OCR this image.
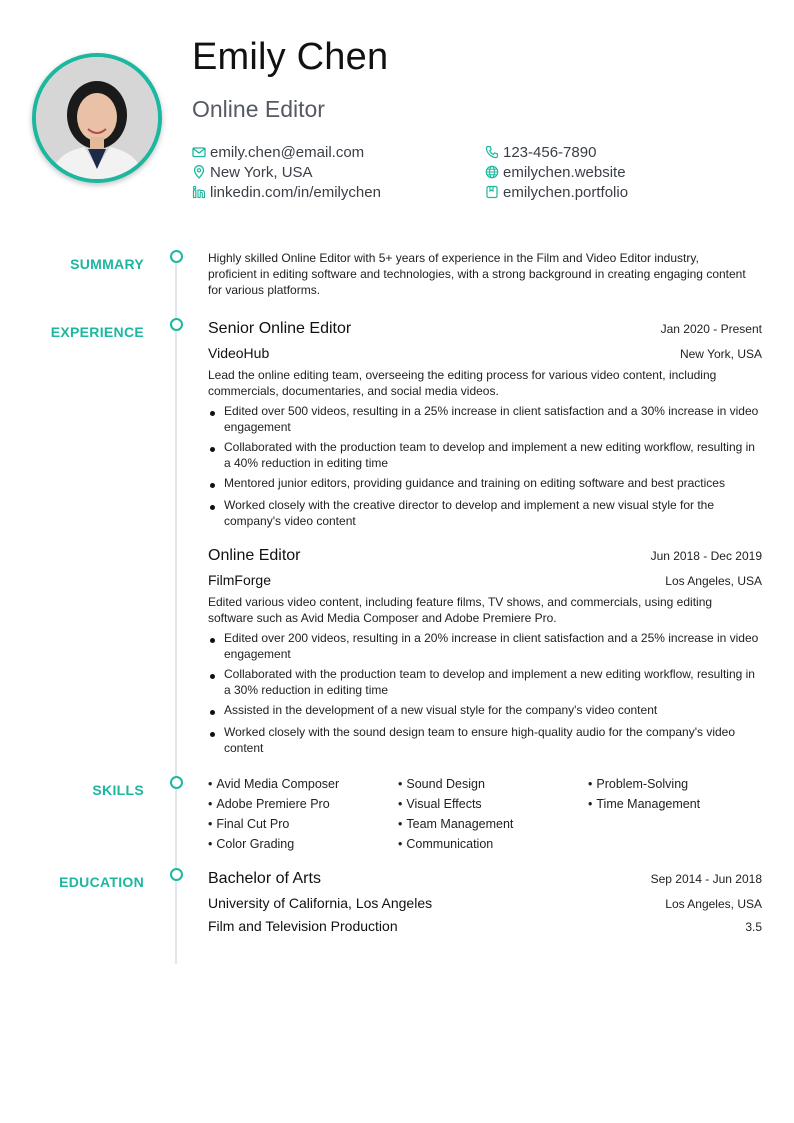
Emily Chen
Online Editor
emily.chen@email.com
New York, USA
linkedin.com/in/emilychen
123-456-7890
emilychen.website
emilychen.portfolio
SUMMARY	Highly skilled Online Editor with 5+ years of experience in the Film and Video Editor industry, proficient in editing software and technologies, with a strong background in creating engaging content for various platforms.
EXPERIENCE	Senior Online Editor	Jan 2020 - Present
VideoHub	New York, USA
Lead the online editing team, overseeing the editing process for various video content, including commercials, documentaries, and social media videos.
Edited over 500 videos, resulting in a 25% increase in client satisfaction and a 30% increase in video engagement
Collaborated with the production team to develop and implement a new editing workflow, resulting in a 40% reduction in editing time
Mentored junior editors, providing guidance and training on editing software and best practices
Worked closely with the creative director to develop and implement a new visual style for the company's video content
Online Editor	Jun 2018 - Dec 2019
FilmForge	Los Angeles, USA
Edited various video content, including feature films, TV shows, and commercials, using editing software such as Avid Media Composer and Adobe Premiere Pro.
Edited over 200 videos, resulting in a 20% increase in client satisfaction and a 25% increase in video engagement
Collaborated with the production team to develop and implement a new editing workflow, resulting in a 30% reduction in editing time
Assisted in the development of a new visual style for the company's video content
Worked closely with the sound design team to ensure high-quality audio for the company's video content
SKILLS
•	Avid Media Composer
• Adobe Premiere Pro
• Final Cut Pro
• Color Grading
• Sound Design
• Visual Effects
• Team Management
• Communication
• Problem-Solving
• Time Management
EDUCATION	Bachelor of Arts	Sep 2014 - Jun 2018
University of California, Los Angeles	Los Angeles, USA
Film and Television Production	3.5
